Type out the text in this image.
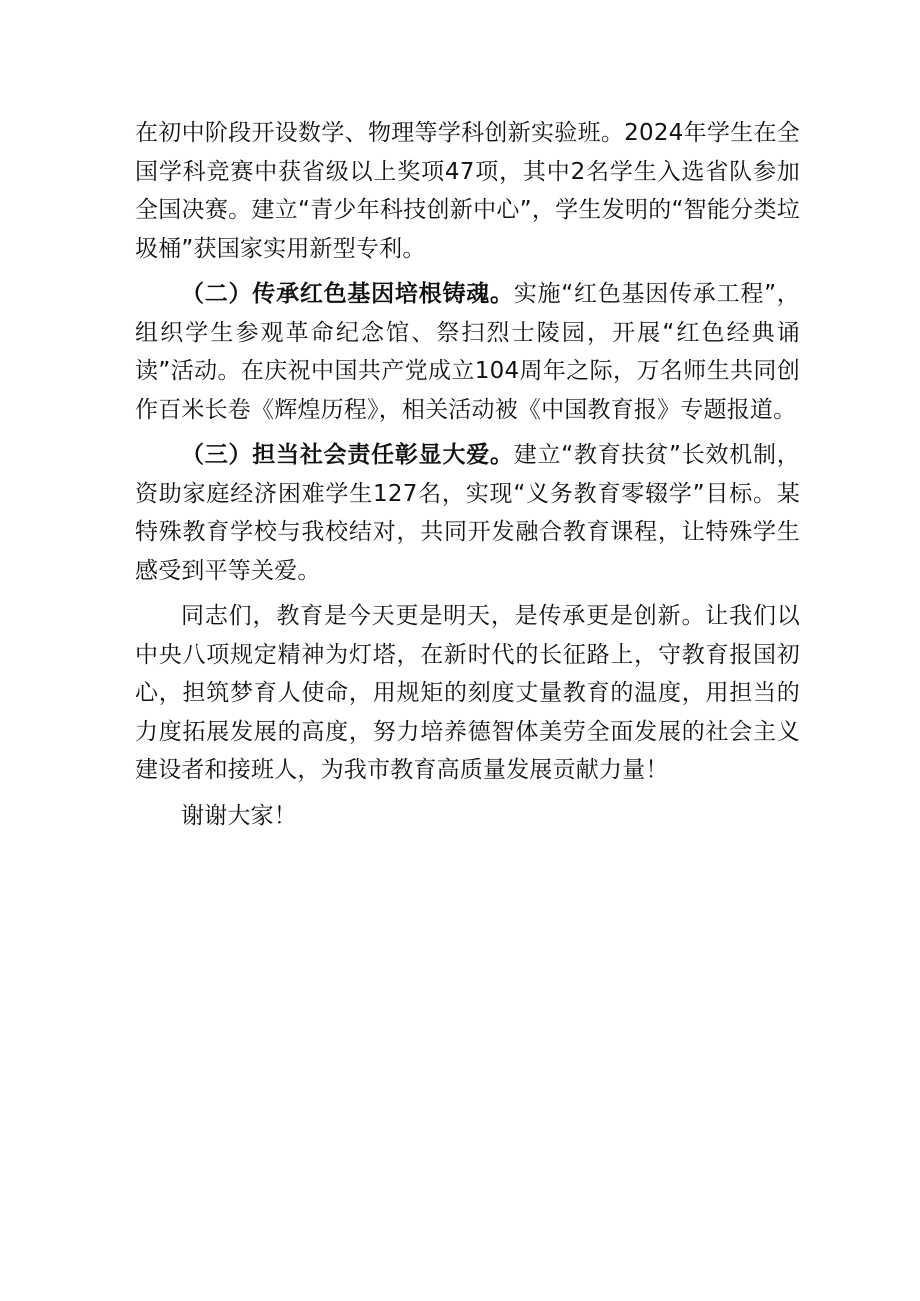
在初中阶段开设数学、物理等学科创新实验班。2024年学生在全国学科竞赛中获省级以上奖项47项，其中2名学生入选省队参加全国决赛。建立“青少年科技创新中心”，学生发明的“智能分类垃圾桶”获国家实用新型专利。

（二）传承红色基因培根铸魂。实施“红色基因传承工程”，组织学生参观革命纪念馆、祭扫烈士陵园，开展“红色经典诵读”活动。在庆祝中国共产党成立104周年之际，万名师生共同创作百米长卷《辉煌历程》，相关活动被《中国教育报》专题报道。

（三）担当社会责任彰显大爱。建立“教育扶贫”长效机制，资助家庭经济困难学生127名，实现“义务教育零辍学”目标。某特殊教育学校与我校结对，共同开发融合教育课程，让特殊学生感受到平等关爱。

同志们，教育是今天更是明天，是传承更是创新。让我们以中央八项规定精神为灯塔，在新时代的长征路上，守教育报国初心，担筑梦育人使命，用规矩的刻度丈量教育的温度，用担当的力度拓展发展的高度，努力培养德智体美劳全面发展的社会主义建设者和接班人，为我市教育高质量发展贡献力量！

谢谢大家！
